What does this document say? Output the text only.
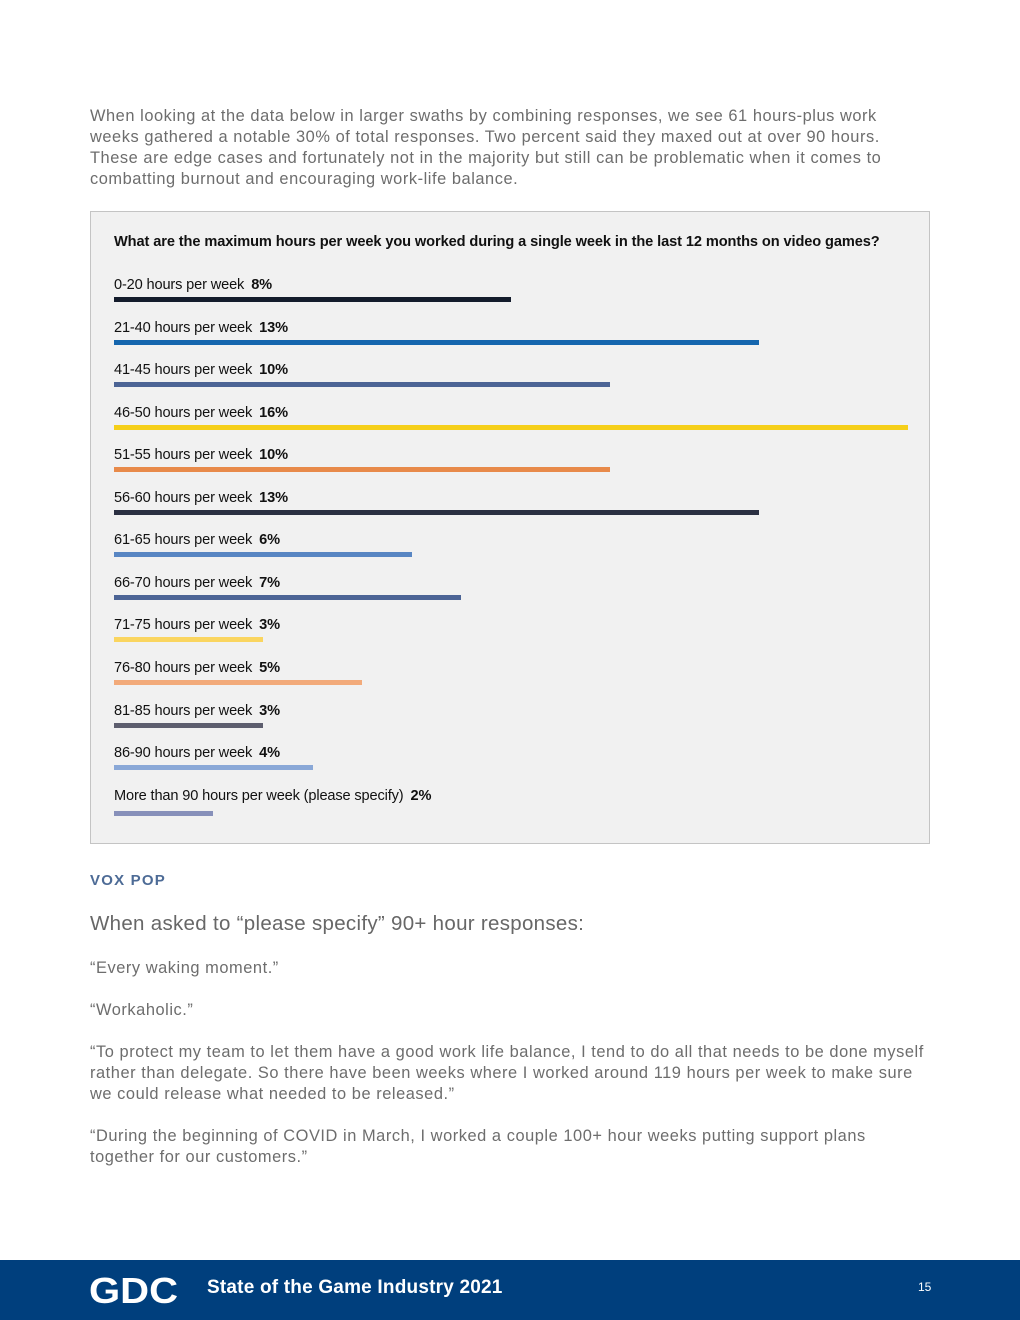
When looking at the data below in larger swaths by combining responses, we see 61 hours-plus work weeks gathered a notable 30% of total responses. Two percent said they maxed out at over 90 hours. These are edge cases and fortunately not in the majority but still can be problematic when it comes to combatting burnout and encouraging work-life balance.

What are the maximum hours per week you worked during a single week in the last 12 months on video games?

0-20 hours per week 8%

21-40 hours per week 13%

41-45 hours per week 10%

46-50 hours per week 16%

51-55 hours per week 10%

56-60 hours per week 13%

61-65 hours per week 6%

66-70 hours per week 7%

71-75 hours per week 3%

76-80 hours per week 5%

81-85 hours per week 3%

86-90 hours per week 4%

More than 90 hours per week (please specify) 2%

VOX POP

When asked to “please specify” 90+ hour responses:

“Every waking moment.”

“Workaholic.”

“To protect my team to let them have a good work life balance, I tend to do all that needs to be done myself rather than delegate. So there have been weeks where I worked around 119 hours per week to make sure we could release what needed to be released.”

“During the beginning of COVID in March, I worked a couple 100+ hour weeks putting support plans together for our customers.”

GDC State of the Game Industry 2021	15
